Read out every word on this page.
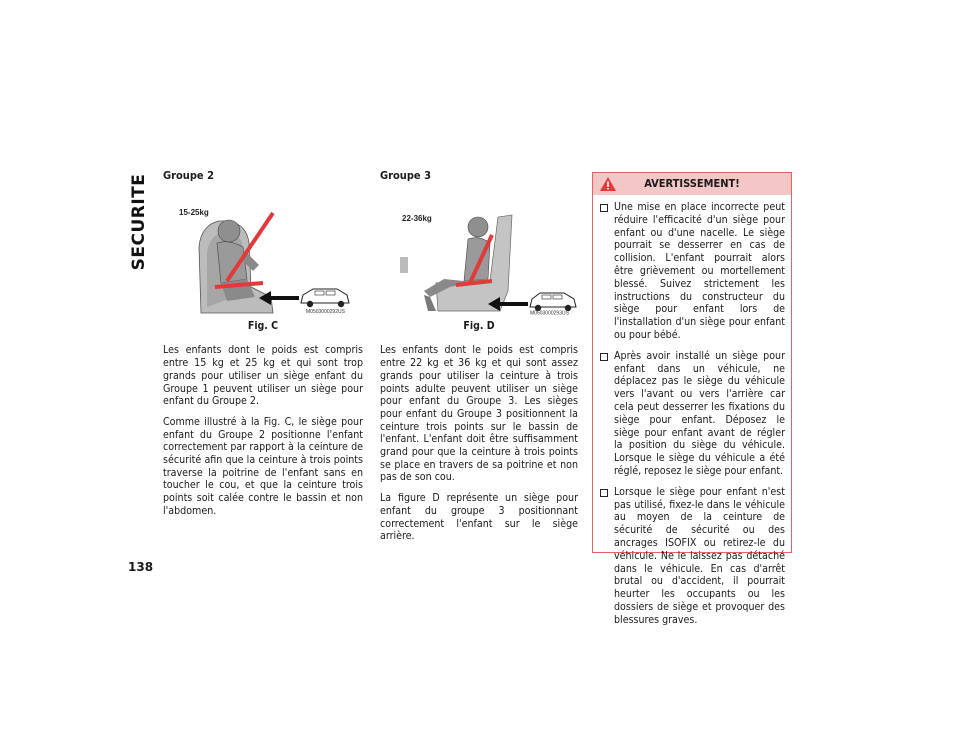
SECURITE Groupe 2
15-25kg
M0503000292US
Fig. C

Les enfants dont le poids est compris entre 15 kg et 25 kg et qui sont trop grands pour utiliser un siège enfant du Groupe 1 peuvent utiliser un siège pour enfant du Groupe 2.

Comme illustré à la Fig. C, le siège pour enfant du Groupe 2 positionne l'enfant correctement par rapport à la ceinture de sécurité afin que la ceinture à trois points traverse la poitrine de l'enfant sans en toucher le cou, et que la ceinture trois points soit calée contre le bassin et non l'abdomen.

Groupe 3
22-36kg
M0503000293US
Fig. D

Les enfants dont le poids est compris entre 22 kg et 36 kg et qui sont assez grands pour utiliser la ceinture à trois points adulte peuvent utiliser un siège pour enfant du Groupe 3. Les sièges pour enfant du Groupe 3 positionnent la ceinture trois points sur le bassin de l'enfant. L'enfant doit être suffisamment grand pour que la ceinture à trois points se place en travers de sa poitrine et non pas de son cou.

La figure D représente un siège pour enfant du groupe 3 positionnant correctement l'enfant sur le siège arrière.

AVERTISSEMENT!
Une mise en place incorrecte peut réduire l'efficacité d'un siège pour enfant ou d'une nacelle. Le siège pourrait se desserrer en cas de collision. L'enfant pourrait alors être grièvement ou mortellement blessé. Suivez strictement les instructions du constructeur du siège pour enfant lors de l'installation d'un siège pour enfant ou pour bébé.
Après avoir installé un siège pour enfant dans un véhicule, ne déplacez pas le siège du véhicule vers l'avant ou vers l'arrière car cela peut desserrer les fixations du siège pour enfant. Déposez le siège pour enfant avant de régler la position du siège du véhicule. Lorsque le siège du véhicule a été réglé, reposez le siège pour enfant.
Lorsque le siège pour enfant n'est pas utilisé, fixez-le dans le véhicule au moyen de la ceinture de sécurité de sécurité ou des ancrages ISOFIX ou retirez-le du véhicule. Ne le laissez pas détaché dans le véhicule. En cas d'arrêt brutal ou d'accident, il pourrait heurter les occupants ou les dossiers de siège et provoquer des blessures graves.
138
